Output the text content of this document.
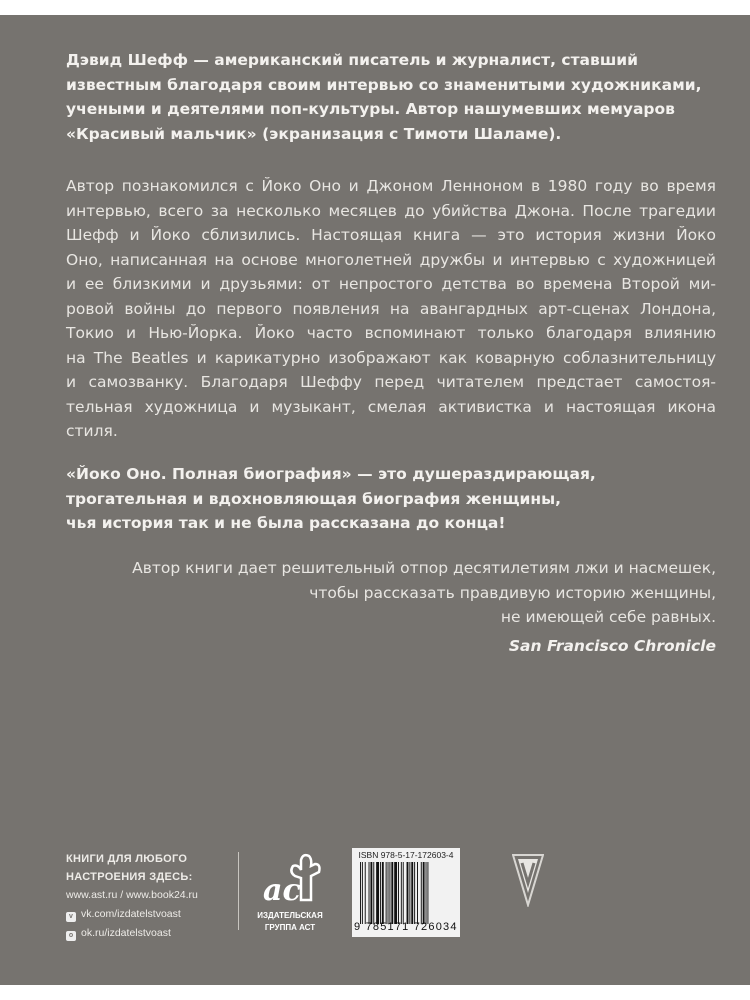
Дэвид Шефф — американский писатель и журналист, ставший
известным благодаря своим интервью со знаменитыми художниками,
учеными и деятелями поп-культуры. Автор нашумевших мемуаров
«Красивый мальчик» (экранизация с Тимоти Шаламе).
Автор познакомился с Йоко Оно и Джоном Ленноном в 1980 году во время
интервью, всего за несколько месяцев до убийства Джона. После трагедии
Шефф и Йоко сблизились. Настоящая книга — это история жизни Йоко
Оно, написанная на основе многолетней дружбы и интервью с художницей
и ее близкими и друзьями: от непростого детства во времена Второй ми-
ровой войны до первого появления на авангардных арт-сценах Лондона,
Токио и Нью-Йорка. Йоко часто вспоминают только благодаря влиянию
на The Beatles и карикатурно изображают как коварную соблазнительницу
и самозванку. Благодаря Шеффу перед читателем предстает самостоя-
тельная художница и музыкант, смелая активистка и настоящая икона
стиля.
«Йоко Оно. Полная биография» — это душераздирающая,
трогательная и вдохновляющая биография женщины,
чья история так и не была рассказана до конца!
Автор книги дает решительный отпор десятилетиям лжи и насмешек,
чтобы рассказать правдивую историю женщины,
не имеющей себе равных.
San Francisco Chronicle
КНИГИ ДЛЯ ЛЮБОГО
НАСТРОЕНИЯ ЗДЕСЬ:
www.ast.ru / www.book24.ru
v vk.com/izdatelstvoast
o ok.ru/izdatelstvoast
ас
ИЗДАТЕЛЬСКАЯ
ГРУППА АСТ
ISBN 978-5-17-172603-4
9 785171 726034
